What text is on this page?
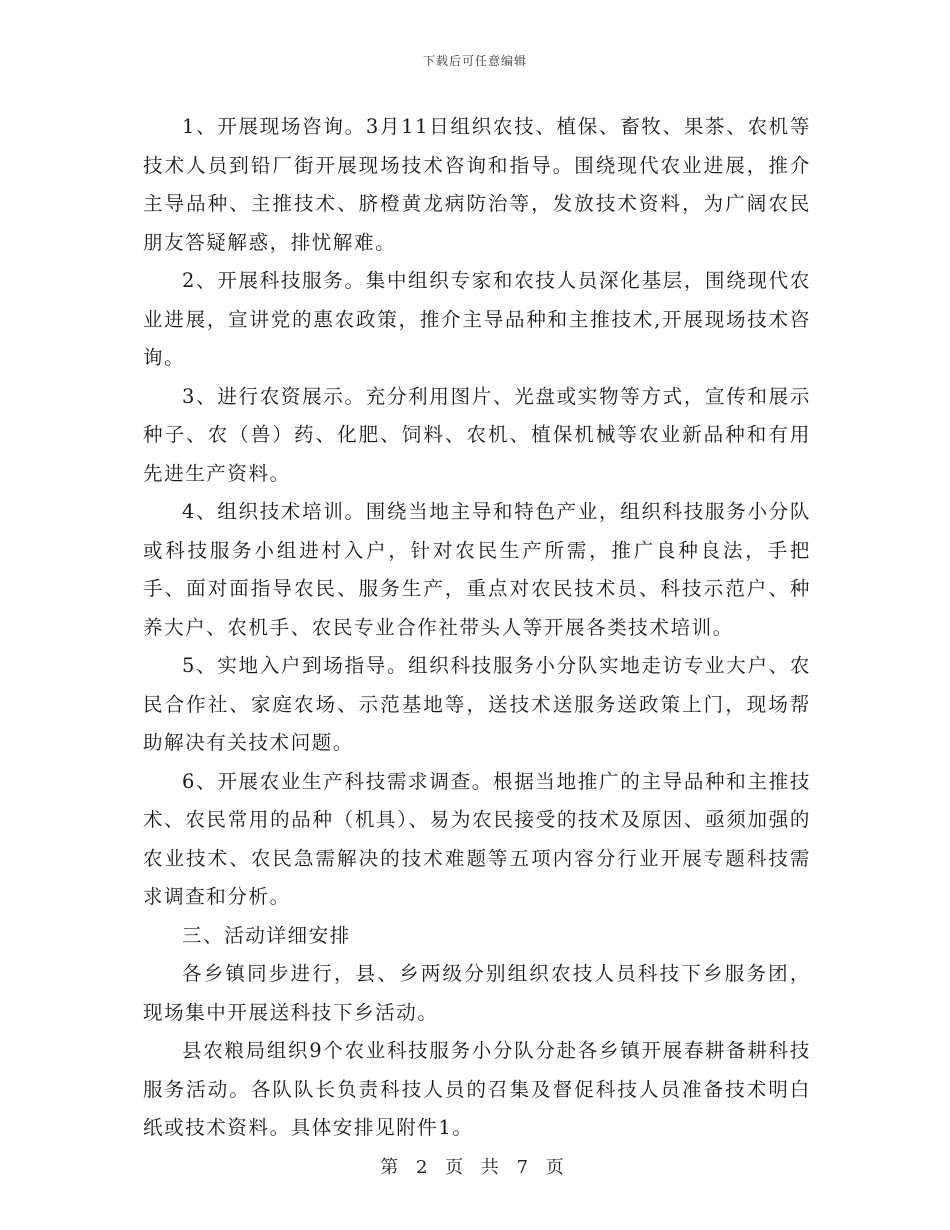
下载后可任意编辑

1、开展现场咨询。3月11日组织农技、植保、畜牧、果茶、农机等技术人员到铅厂街开展现场技术咨询和指导。围绕现代农业进展，推介主导品种、主推技术、脐橙黄龙病防治等，发放技术资料，为广阔农民朋友答疑解惑，排忧解难。

2、开展科技服务。集中组织专家和农技人员深化基层，围绕现代农业进展，宣讲党的惠农政策，推介主导品种和主推技术,开展现场技术咨询。

3、进行农资展示。充分利用图片、光盘或实物等方式，宣传和展示种子、农（兽）药、化肥、饲料、农机、植保机械等农业新品种和有用先进生产资料。

4、组织技术培训。围绕当地主导和特色产业，组织科技服务小分队或科技服务小组进村入户，针对农民生产所需，推广良种良法，手把手、面对面指导农民、服务生产，重点对农民技术员、科技示范户、种养大户、农机手、农民专业合作社带头人等开展各类技术培训。

5、实地入户到场指导。组织科技服务小分队实地走访专业大户、农民合作社、家庭农场、示范基地等，送技术送服务送政策上门，现场帮助解决有关技术问题。

6、开展农业生产科技需求调查。根据当地推广的主导品种和主推技术、农民常用的品种（机具）、易为农民接受的技术及原因、亟须加强的农业技术、农民急需解决的技术难题等五项内容分行业开展专题科技需求调查和分析。

三、活动详细安排

各乡镇同步进行，县、乡两级分别组织农技人员科技下乡服务团，现场集中开展送科技下乡活动。

县农粮局组织9个农业科技服务小分队分赴各乡镇开展春耕备耕科技服务活动。各队队长负责科技人员的召集及督促科技人员准备技术明白纸或技术资料。具体安排见附件1。

第 2 页 共 7 页
